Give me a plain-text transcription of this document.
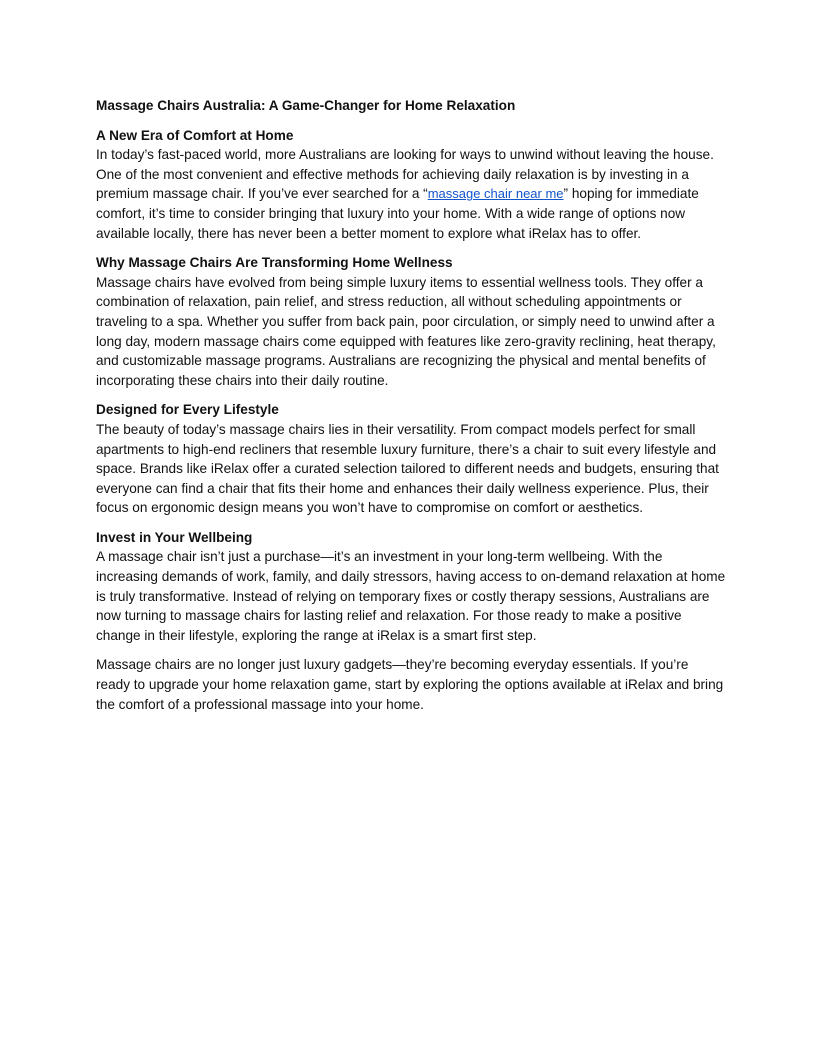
Massage Chairs Australia: A Game-Changer for Home Relaxation

A New Era of Comfort at Home

In today’s fast-paced world, more Australians are looking for ways to unwind without leaving the house. One of the most convenient and effective methods for achieving daily relaxation is by investing in a premium massage chair. If you’ve ever searched for a “massage chair near me” hoping for immediate comfort, it’s time to consider bringing that luxury into your home. With a wide range of options now available locally, there has never been a better moment to explore what iRelax has to offer.

Why Massage Chairs Are Transforming Home Wellness

Massage chairs have evolved from being simple luxury items to essential wellness tools. They offer a combination of relaxation, pain relief, and stress reduction, all without scheduling appointments or traveling to a spa. Whether you suffer from back pain, poor circulation, or simply need to unwind after a long day, modern massage chairs come equipped with features like zero-gravity reclining, heat therapy, and customizable massage programs. Australians are recognizing the physical and mental benefits of incorporating these chairs into their daily routine.

Designed for Every Lifestyle

The beauty of today’s massage chairs lies in their versatility. From compact models perfect for small apartments to high-end recliners that resemble luxury furniture, there’s a chair to suit every lifestyle and space. Brands like iRelax offer a curated selection tailored to different needs and budgets, ensuring that everyone can find a chair that fits their home and enhances their daily wellness experience. Plus, their focus on ergonomic design means you won’t have to compromise on comfort or aesthetics.

Invest in Your Wellbeing

A massage chair isn’t just a purchase—it’s an investment in your long-term wellbeing. With the increasing demands of work, family, and daily stressors, having access to on-demand relaxation at home is truly transformative. Instead of relying on temporary fixes or costly therapy sessions, Australians are now turning to massage chairs for lasting relief and relaxation. For those ready to make a positive change in their lifestyle, exploring the range at iRelax is a smart first step.

Massage chairs are no longer just luxury gadgets—they’re becoming everyday essentials. If you’re ready to upgrade your home relaxation game, start by exploring the options available at iRelax and bring the comfort of a professional massage into your home.
